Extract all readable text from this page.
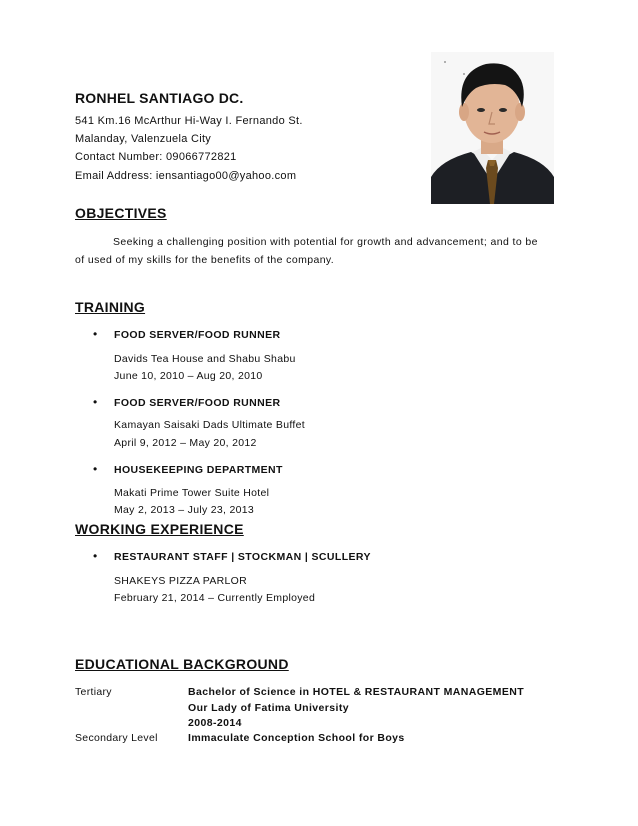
RONHEL SANTIAGO DC.
541 Km.16 McArthur Hi-Way I. Fernando St.
Malanday, Valenzuela City
Contact Number: 09066772821
Email Address: iensantiago00@yahoo.com
OBJECTIVES
Seeking a challenging position with potential for growth and advancement; and to be
of used of my skills for the benefits of the company.
TRAINING
• FOOD SERVER/FOOD RUNNER
Davids Tea House and Shabu Shabu
June 10, 2010 – Aug 20, 2010
• FOOD SERVER/FOOD RUNNER
Kamayan Saisaki Dads Ultimate Buffet
April 9, 2012 – May 20, 2012
• HOUSEKEEPING DEPARTMENT
Makati Prime Tower Suite Hotel
May 2, 2013 – July 23, 2013
WORKING EXPERIENCE
• RESTAURANT STAFF | STOCKMAN | SCULLERY
SHAKEYS PIZZA PARLOR
February 21, 2014 – Currently Employed
EDUCATIONAL BACKGROUND
Tertiary	Bachelor of Science in HOTEL & RESTAURANT MANAGEMENT
Our Lady of Fatima University
2008-2014
Secondary Level	Immaculate Conception School for Boys
